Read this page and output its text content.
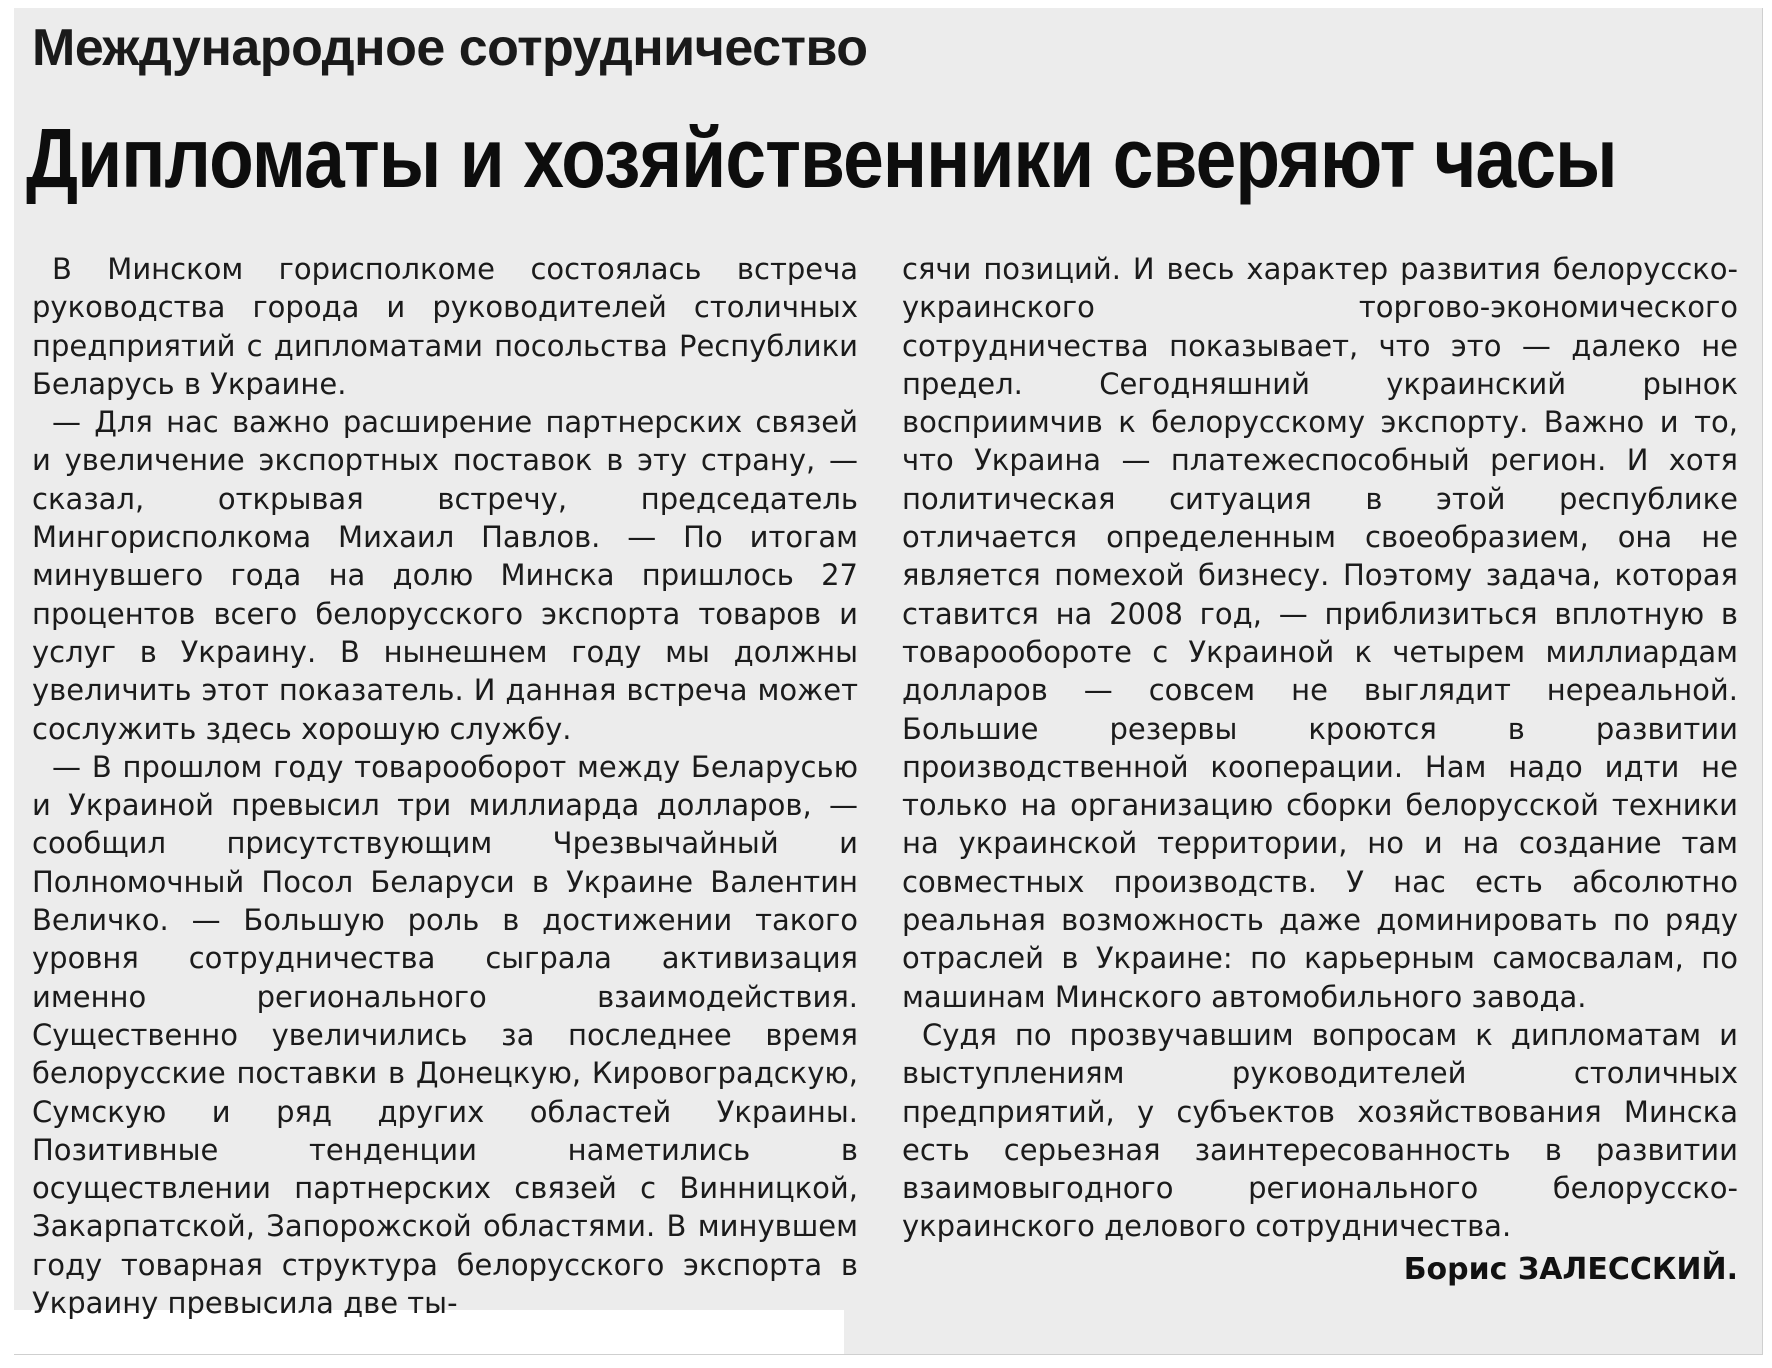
Международное сотрудничество
Дипломаты и хозяйственники сверяют часы

В Минском горисполкоме состоялась встреча руководства города и руководителей столичных предприятий с дипломатами посольства Республики Беларусь в Украине.

— Для нас важно расширение партнерских связей и увеличение экспортных поставок в эту страну, — сказал, открывая встречу, председатель Мингорисполкома Михаил Павлов. — По итогам минувшего года на долю Минска пришлось 27 процентов всего белорусского экспорта товаров и услуг в Украину. В нынешнем году мы должны увеличить этот показатель. И данная встреча может сослужить здесь хорошую службу.

— В прошлом году товарооборот между Беларусью и Украиной превысил три миллиарда долларов, — сообщил присутствующим Чрезвычайный и Полномочный Посол Беларуси в Украине Валентин Величко. — Большую роль в достижении такого уровня сотрудничества сыграла активизация именно регионального взаимодействия. Существенно увеличились за последнее время белорусские поставки в Донецкую, Кировоградскую, Сумскую и ряд других областей Украины. Позитивные тенденции наметились в осуществлении партнерских связей с Винницкой, Закарпатской, Запорожской областями. В минувшем году товарная структура белорусского экспорта в Украину превысила две ты-

сячи позиций. И весь характер развития белорусско-украинского торгово-экономического сотрудничества показывает, что это — далеко не предел. Сегодняшний украинский рынок восприимчив к белорусскому экспорту. Важно и то, что Украина — платежеспособный регион. И хотя политическая ситуация в этой республике отличается определенным своеобразием, она не является помехой бизнесу. Поэтому задача, которая ставится на 2008 год, — приблизиться вплотную в товарообороте с Украиной к четырем миллиардам долларов — совсем не выглядит нереальной. Большие резервы кроются в развитии производственной кооперации. Нам надо идти не только на организацию сборки белорусской техники на украинской территории, но и на создание там совместных производств. У нас есть абсолютно реальная возможность даже доминировать по ряду отраслей в Украине: по карьерным самосвалам, по машинам Минского автомобильного завода.

Судя по прозвучавшим вопросам к дипломатам и выступлениям руководителей столичных предприятий, у субъектов хозяйствования Минска есть серьезная заинтересованность в развитии взаимовыгодного регионального белорусско-украинского делового сотрудничества.

Борис ЗАЛЕССКИЙ.
